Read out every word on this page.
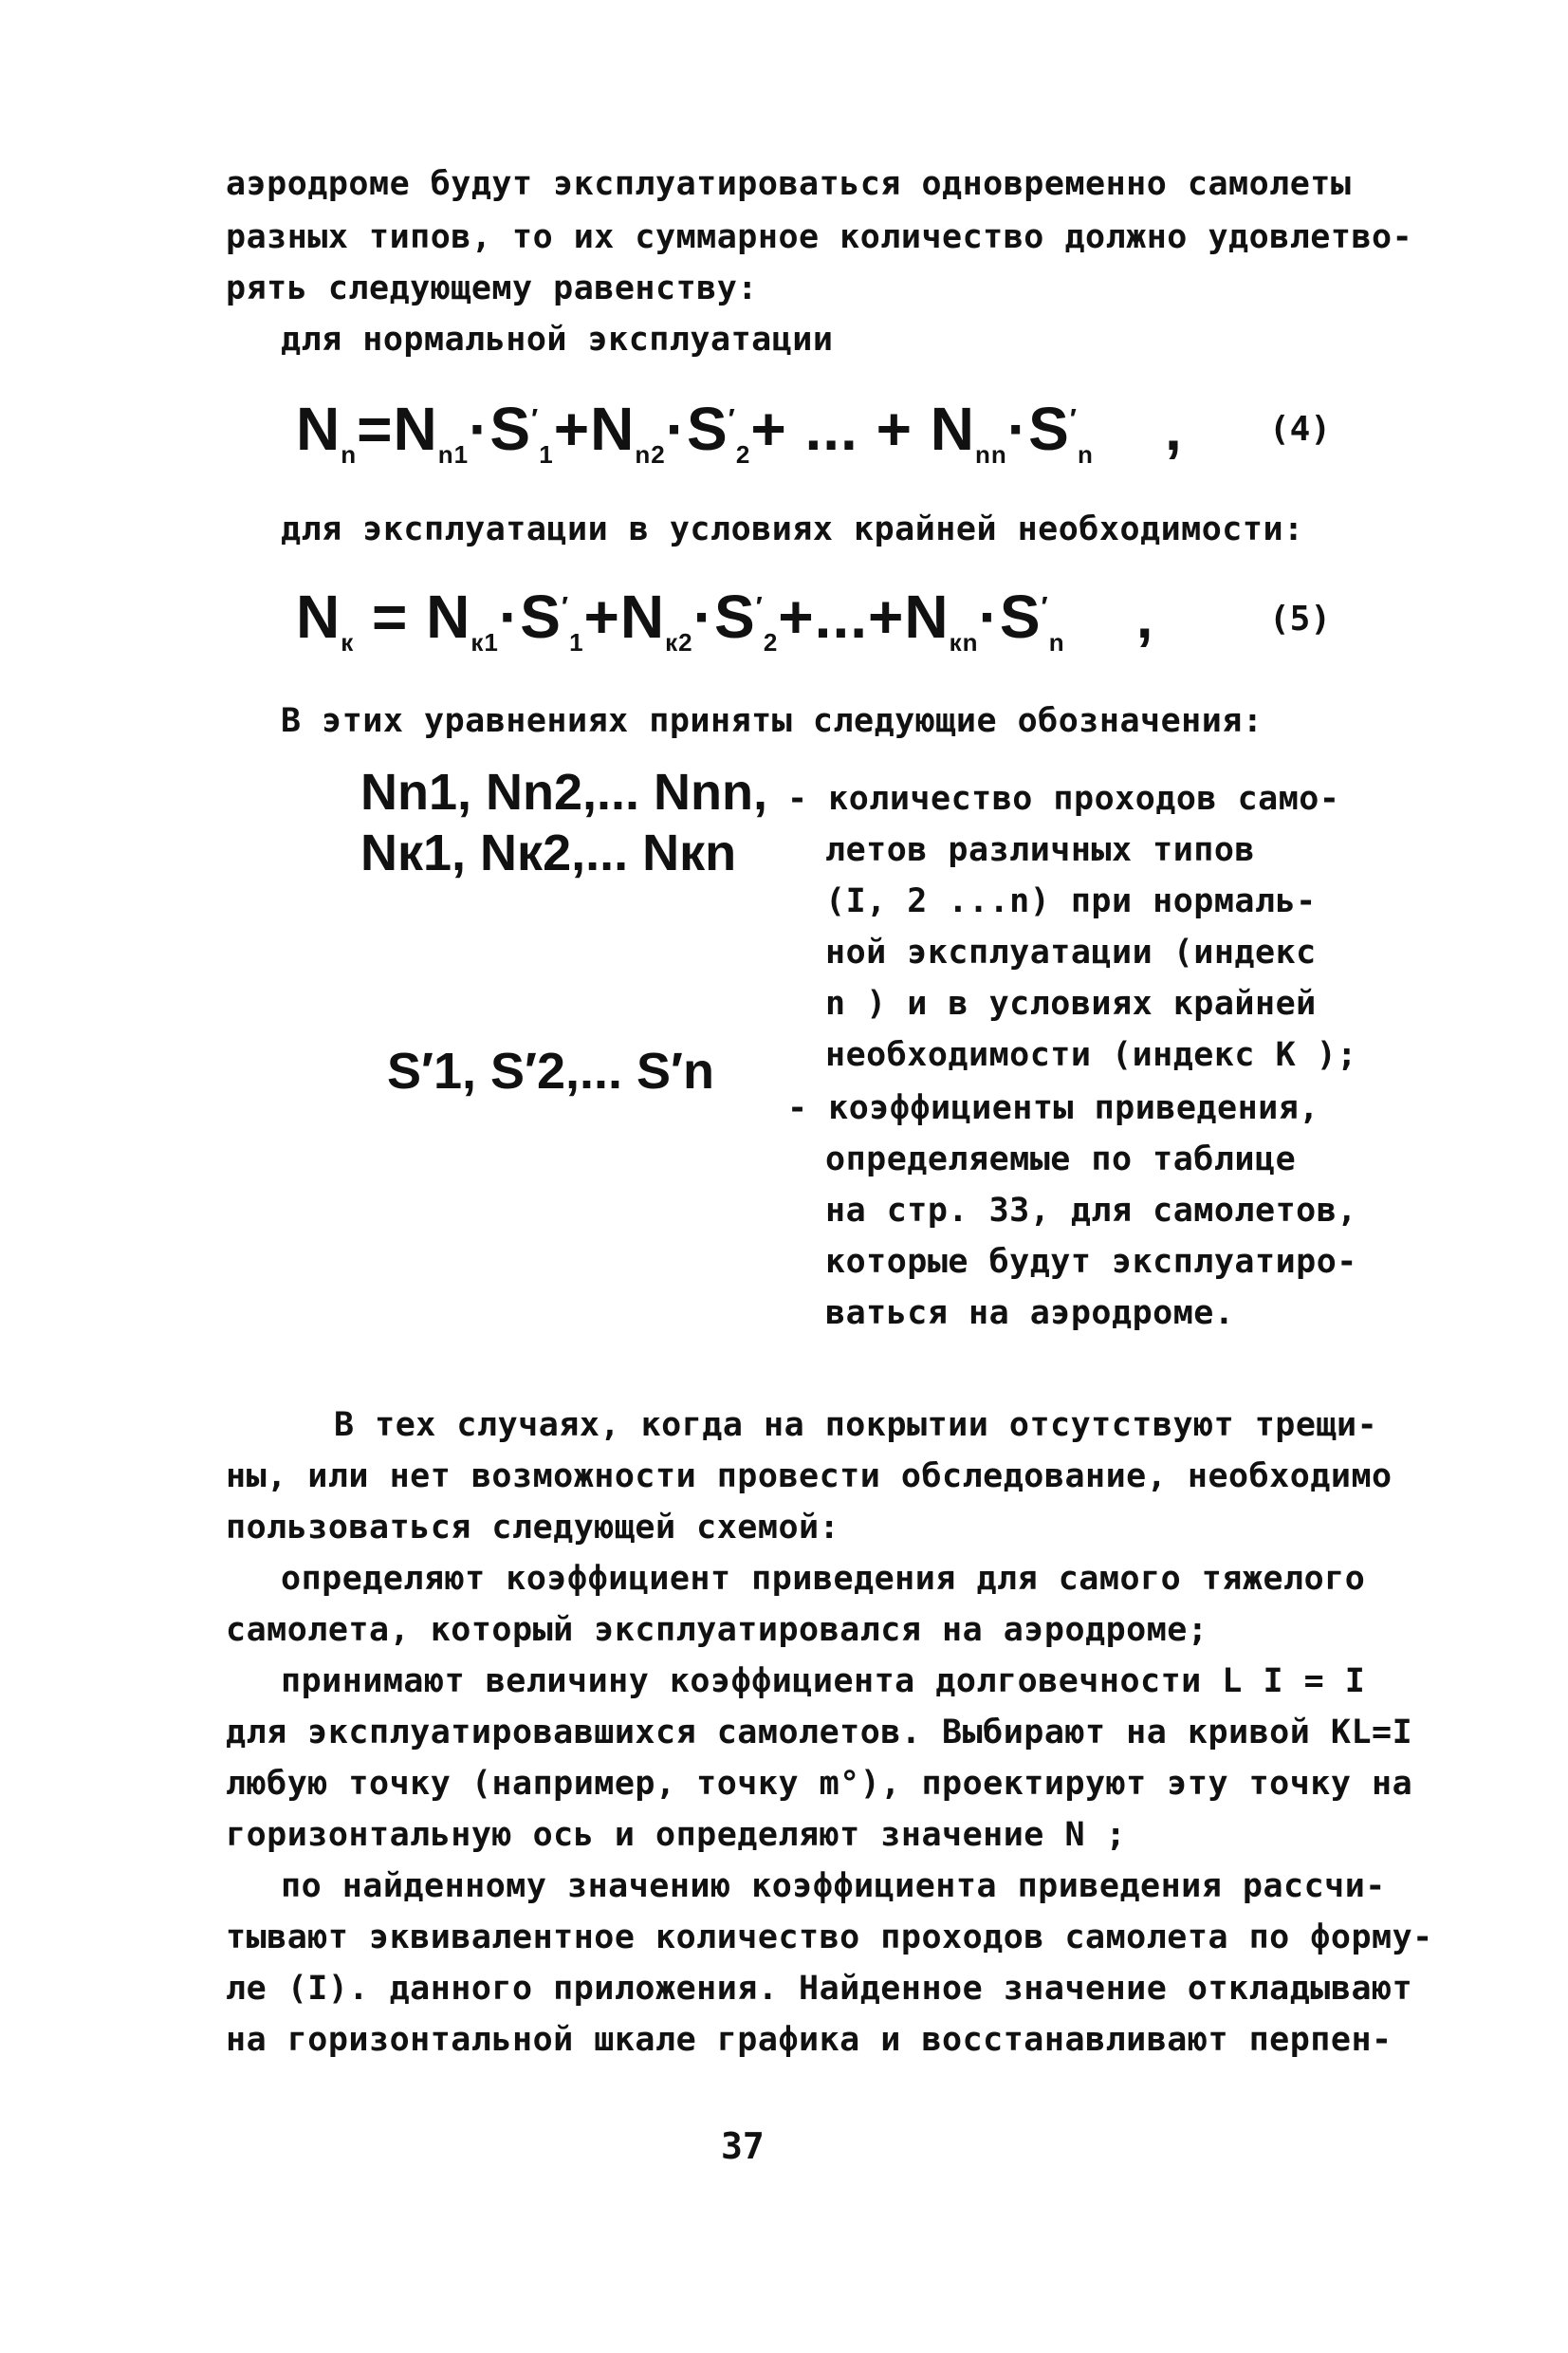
аэродроме будут эксплуатироваться одновременно самолеты
разных типов, то их суммарное количество должно удовлетво-
рять следующему равенству:
для нормальной эксплуатации
$N_n=N_{n1}\cdot S'_1+N_{n2}\cdot S'_2+$ ... + $N_{nn}\cdot S'_n$    ,	(4)
для эксплуатации в условиях крайней необходимости:
$N_к = N_{к1}\cdot S'_1+N_{к2}\cdot S'_2+...+N_{кn}\cdot S'_n$    ,	(5)
В этих уравнениях приняты следующие обозначения:
Nn1, Nn2,... Nnn,
Nк1, Nк2,... Nкn
- количество проходов само-
летов различных типов
(I, 2 ...n) при нормаль-
ной эксплуатации (индекс
n ) и в условиях крайней
необходимости (индекс K );
S′1, S′2,... S′n
- коэффициенты приведения,
определяемые по таблице
на стр. 33, для самолетов,
которые будут эксплуатиро-
ваться на аэродроме.
В тех случаях, когда на покрытии отсутствуют трещи-
ны, или нет возможности провести обследование, необходимо
пользоваться следующей схемой:
определяют коэффициент приведения для самого тяжелого
самолета, который эксплуатировался на аэродроме;
принимают величину коэффициента долговечности L I = I
для эксплуатировавшихся самолетов. Выбирают на кривой KL=I
любую точку (например, точку m°), проектируют эту точку на
горизонтальную ось и определяют значение N ;
по найденному значению коэффициента приведения рассчи-
тывают эквивалентное количество проходов самолета по форму-
ле (I). данного приложения. Найденное значение откладывают
на горизонтальной шкале графика и восстанавливают перпен-
37
